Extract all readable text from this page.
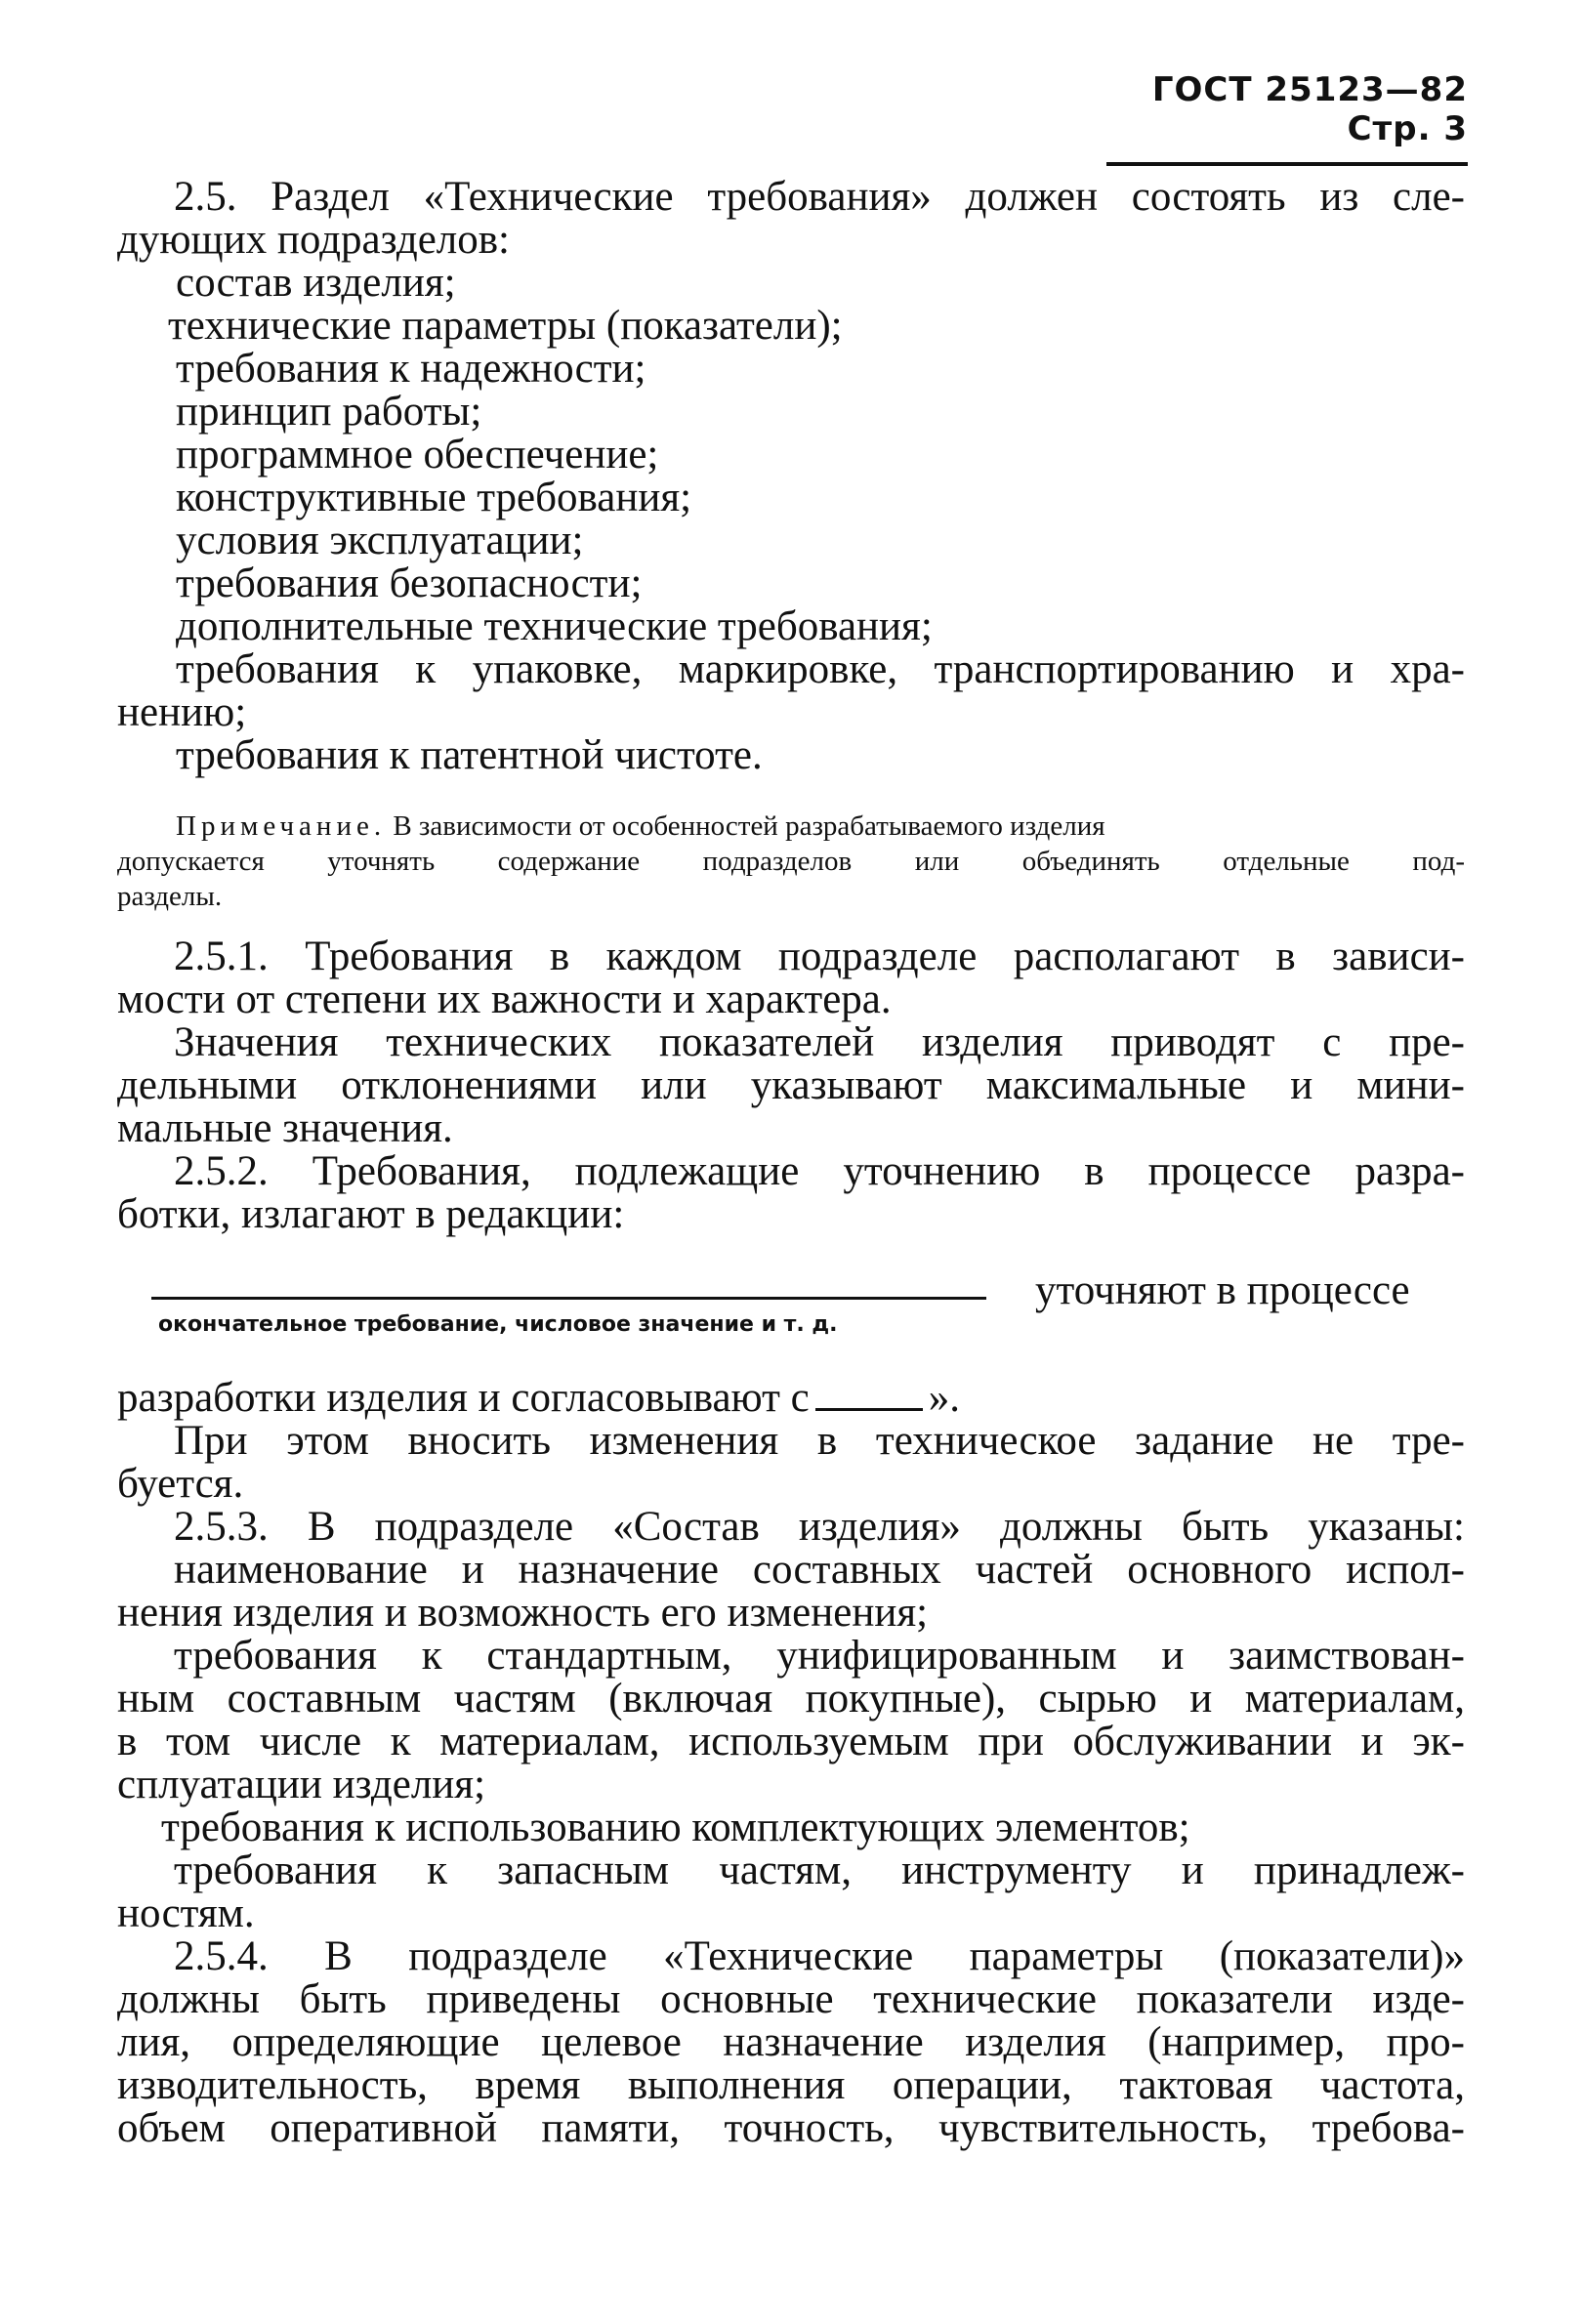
ГОСТ 25123—82 Стр. 3
2.5. Раздел «Технические требования» должен состоять из сле-
дующих подразделов:
состав изделия;
технические параметры (показатели);
требования к надежности;
принцип работы;
программное обеспечение;
конструктивные требования;
условия эксплуатации;
требования безопасности;
дополнительные технические требования;
требования к упаковке, маркировке, транспортированию и хра-
нению;
требования к патентной чистоте.
Примечание. В зависимости от особенностей разрабатываемого изделия
допускается уточнять содержание подразделов или объединять отдельные под-
разделы.
2.5.1. Требования в каждом подразделе располагают в зависи-
мости от степени их важности и характера.
Значения технических показателей изделия приводят с пре-
дельными отклонениями или указывают максимальные и мини-
мальные значения.
2.5.2. Требования, подлежащие уточнению в процессе разра-
ботки, излагают в редакции:
окончательное требование, числовое значение и т. д.
уточняют в процессе
разработки изделия и согласовывают с	».
При этом вносить изменения в техническое задание не тре-
буется.
2.5.3. В подразделе «Состав изделия» должны быть указаны:
наименование и назначение составных частей основного испол-
нения изделия и возможность его изменения;
требования к стандартным, унифицированным и заимствован-
ным составным частям (включая покупные), сырью и материалам,
в том числе к материалам, используемым при обслуживании и эк-
сплуатации изделия;
требования к использованию комплектующих элементов;
требования к запасным частям, инструменту и принадлеж-
ностям.
2.5.4. В подразделе «Технические параметры (показатели)»
должны быть приведены основные технические показатели изде-
лия, определяющие целевое назначение изделия (например, про-
изводительность, время выполнения операции, тактовая частота,
объем оперативной памяти, точность, чувствительность, требова-
